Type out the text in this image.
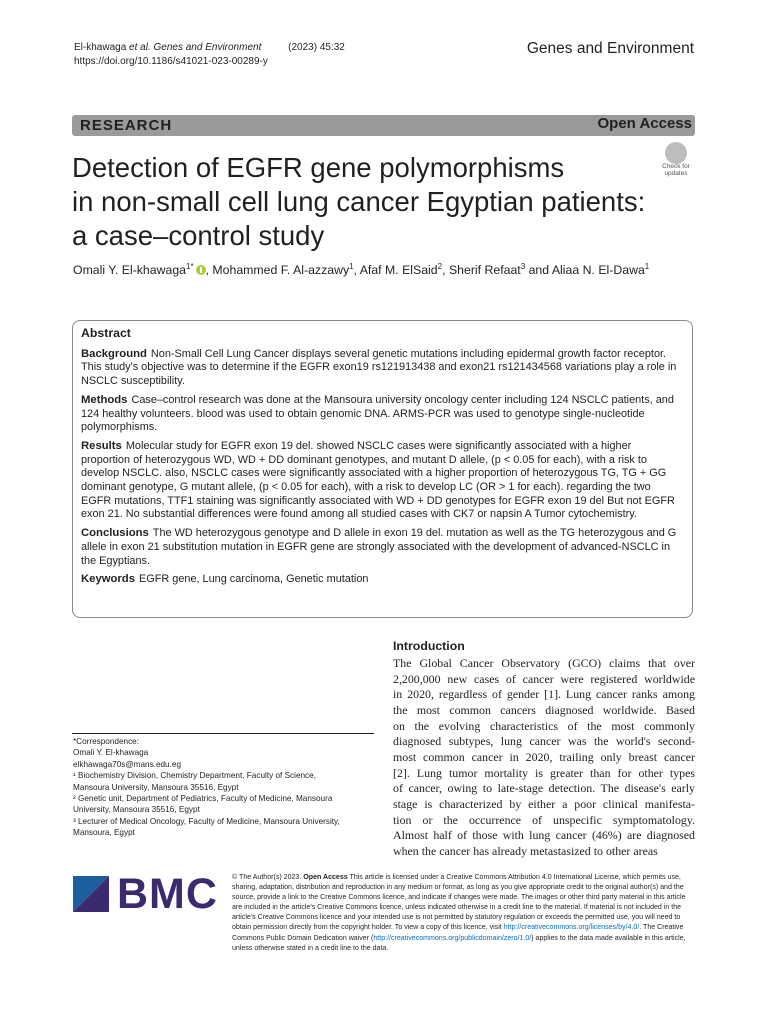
El-khawaga et al. Genes and Environment	(2023) 45:32
https://doi.org/10.1186/s41021-023-00289-y
Genes and Environment
RESEARCH	Open Access
Detection of EGFR gene polymorphisms
in non-small cell lung cancer Egyptian patients:
a case–control study
Check for
updates
Omali Y. El-khawaga$^{1*}$ , Mohammed F. Al-azzawy$^1$, Afaf M. ElSaid$^2$, Sherif Refaat$^3$ and Aliaa N. El-Dawa$^1$
Abstract
Background Non-Small Cell Lung Cancer displays several genetic mutations including epidermal growth factor receptor. This study's objective was to determine if the EGFR exon19 rs121913438 and exon21 rs121434568 variations play a role in NSCLC susceptibility.
Methods Case–control research was done at the Mansoura university oncology center including 124 NSCLC patients, and 124 healthy volunteers. blood was used to obtain genomic DNA. ARMS-PCR was used to genotype single-nucleotide polymorphisms.
Results Molecular study for EGFR exon 19 del. showed NSCLC cases were significantly associated with a higher proportion of heterozygous WD, WD + DD dominant genotypes, and mutant D allele, (p < 0.05 for each), with a risk to develop NSCLC. also, NSCLC cases were significantly associated with a higher proportion of heterozygous TG, TG + GG dominant genotype, G mutant allele, (p < 0.05 for each), with a risk to develop LC (OR > 1 for each). regarding the two EGFR mutations, TTF1 staining was significantly associated with WD + DD genotypes for EGFR exon 19 del But not EGFR exon 21. No substantial differences were found among all studied cases with CK7 or napsin A Tumor cytochemistry.
Conclusions The WD heterozygous genotype and D allele in exon 19 del. mutation as well as the TG heterozygous and G allele in exon 21 substitution mutation in EGFR gene are strongly associated with the development of advanced-NSCLC in the Egyptians.
Keywords EGFR gene, Lung carcinoma, Genetic mutation
Introduction
The Global Cancer Observatory (GCO) claims that over
2,200,000 new cases of cancer were registered worldwide
in 2020, regardless of gender [1]. Lung cancer ranks among
the most common cancers diagnosed worldwide. Based
on the evolving characteristics of the most commonly
diagnosed subtypes, lung cancer was the world's second-
most common cancer in 2020, trailing only breast cancer
[2]. Lung tumor mortality is greater than for other types
of cancer, owing to late-stage detection. The disease's early
stage is characterized by either a poor clinical manifesta-
tion or the occurrence of unspecific symptomatology.
Almost half of those with lung cancer (46%) are diagnosed
when the cancer has already metastasized to other areas
*Correspondence:
Omali Y. El-khawaga
elkhawaga70s@mans.edu.eg
¹ Biochemistry Division, Chemistry Department, Faculty of Science,
Mansoura University, Mansoura 35516, Egypt
² Genetic unit, Department of Pediatrics, Faculty of Medicine, Mansoura
University, Mansoura 35516, Egypt
³ Lecturer of Medical Oncology, Faculty of Medicine, Mansoura University,
Mansoura, Egypt
BMC © The Author(s) 2023. Open Access This article is licensed under a Creative Commons Attribution 4.0 International License, which permits use, sharing, adaptation, distribution and reproduction in any medium or format, as long as you give appropriate credit to the original author(s) and the source, provide a link to the Creative Commons licence, and indicate if changes were made. The images or other third party material in this article are included in the article's Creative Commons licence, unless indicated otherwise in a credit line to the material. If material is not included in the article's Creative Commons licence and your intended use is not permitted by statutory regulation or exceeds the permitted use, you will need to obtain permission directly from the copyright holder. To view a copy of this licence, visit http://creativecommons.org/licenses/by/4.0/. The Creative Commons Public Domain Dedication waiver (http://creativecommons.org/publicdomain/zero/1.0/) applies to the data made available in this article, unless otherwise stated in a credit line to the data.
